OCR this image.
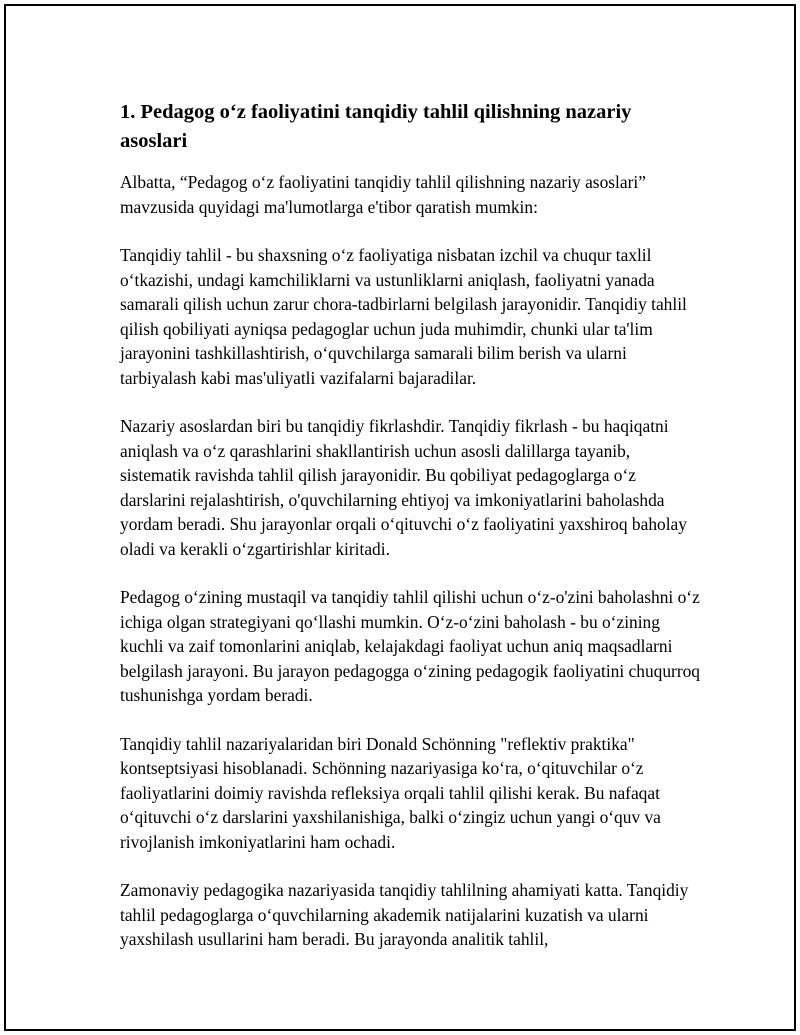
1. Pedagog o‘z faoliyatini tanqidiy tahlil qilishning nazariy asoslari

Albatta, “Pedagog o‘z faoliyatini tanqidiy tahlil qilishning nazariy asoslari” mavzusida quyidagi ma'lumotlarga e'tibor qaratish mumkin:

Tanqidiy tahlil - bu shaxsning o‘z faoliyatiga nisbatan izchil va chuqur taxlil o‘tkazishi, undagi kamchiliklarni va ustunliklarni aniqlash, faoliyatni yanada samarali qilish uchun zarur chora-tadbirlarni belgilash jarayonidir. Tanqidiy tahlil qilish qobiliyati ayniqsa pedagoglar uchun juda muhimdir, chunki ular ta'lim jarayonini tashkillashtirish, o‘quvchilarga samarali bilim berish va ularni tarbiyalash kabi mas'uliyatli vazifalarni bajaradilar.

Nazariy asoslardan biri bu tanqidiy fikrlashdir. Tanqidiy fikrlash - bu haqiqatni aniqlash va o‘z qarashlarini shakllantirish uchun asosli dalillarga tayanib, sistematik ravishda tahlil qilish jarayonidir. Bu qobiliyat pedagoglarga o‘z darslarini rejalashtirish, o'quvchilarning ehtiyoj va imkoniyatlarini baholashda yordam beradi. Shu jarayonlar orqali o‘qituvchi o‘z faoliyatini yaxshiroq baholay oladi va kerakli o‘zgartirishlar kiritadi.

Pedagog o‘zining mustaqil va tanqidiy tahlil qilishi uchun o‘z-o'zini baholashni o‘z ichiga olgan strategiyani qo‘llashi mumkin. O‘z-o‘zini baholash - bu o‘zining kuchli va zaif tomonlarini aniqlab, kelajakdagi faoliyat uchun aniq maqsadlarni belgilash jarayoni. Bu jarayon pedagogga o‘zining pedagogik faoliyatini chuqurroq tushunishga yordam beradi.

Tanqidiy tahlil nazariyalaridan biri Donald Schönning "reflektiv praktika" kontseptsiyasi hisoblanadi. Schönning nazariyasiga ko‘ra, o‘qituvchilar o‘z faoliyatlarini doimiy ravishda refleksiya orqali tahlil qilishi kerak. Bu nafaqat o‘qituvchi o‘z darslarini yaxshilanishiga, balki o‘zingiz uchun yangi o‘quv va rivojlanish imkoniyatlarini ham ochadi.

Zamonaviy pedagogika nazariyasida tanqidiy tahlilning ahamiyati katta. Tanqidiy tahlil pedagoglarga o‘quvchilarning akademik natijalarini kuzatish va ularni yaxshilash usullarini ham beradi. Bu jarayonda analitik tahlil,
